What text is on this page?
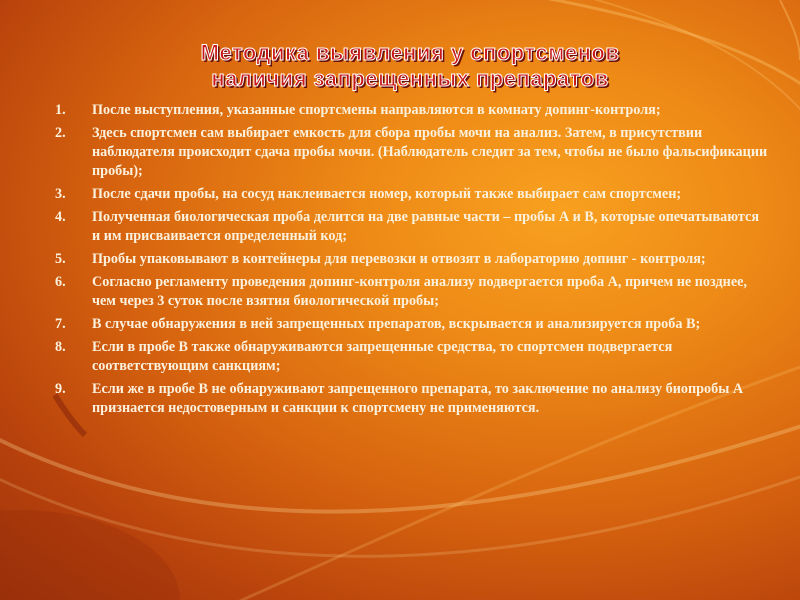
Методика выявления у спортсменов
наличия запрещенных препаратов
1. После выступления, указанные спортсмены направляются в комнату допинг-контроля;
2. Здесь спортсмен сам выбирает емкость для сбора пробы мочи на анализ. Затем, в присутствии наблюдателя происходит сдача пробы мочи. (Наблюдатель следит за тем, чтобы не было фальсификации пробы);
3. После сдачи пробы, на сосуд наклеивается номер, который также выбирает сам спортсмен;
4. Полученная биологическая проба делится на две равные части – пробы А и В, которые опечатываются и им присваивается определенный код;
5. Пробы упаковывают в контейнеры для перевозки и отвозят в лабораторию допинг - контроля;
6. Согласно регламенту проведения допинг-контроля анализу подвергается проба А, причем не позднее, чем через 3 суток после взятия биологической пробы;
7. В случае обнаружения в ней запрещенных препаратов, вскрывается и анализируется проба В;
8. Если в пробе В также обнаруживаются запрещенные средства, то спортсмен подвергается соответствующим санкциям;
9. Если же в пробе В не обнаруживают запрещенного препарата, то заключение по анализу биопробы А признается недостоверным и санкции к спортсмену не применяются.
